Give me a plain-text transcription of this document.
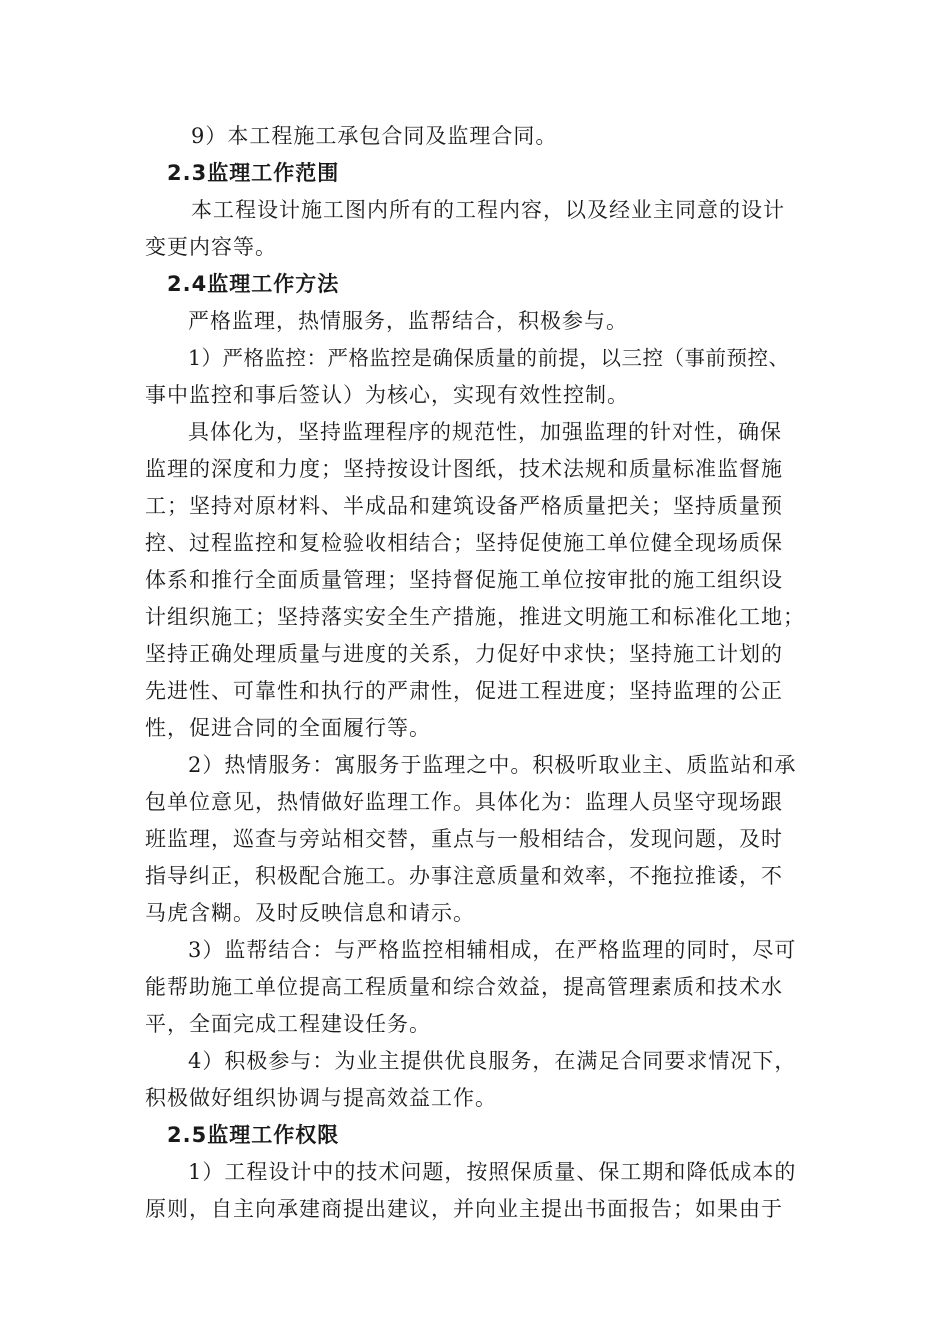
9）本工程施工承包合同及监理合同。
2.3监理工作范围
本工程设计施工图内所有的工程内容，以及经业主同意的设计
变更内容等。
2.4监理工作方法
严格监理，热情服务，监帮结合，积极参与。
1）严格监控：严格监控是确保质量的前提，以三控（事前预控、
事中监控和事后签认）为核心，实现有效性控制。
具体化为，坚持监理程序的规范性，加强监理的针对性，确保
监理的深度和力度；坚持按设计图纸，技术法规和质量标准监督施
工；坚持对原材料、半成品和建筑设备严格质量把关；坚持质量预
控、过程监控和复检验收相结合；坚持促使施工单位健全现场质保
体系和推行全面质量管理；坚持督促施工单位按审批的施工组织设
计组织施工；坚持落实安全生产措施，推进文明施工和标准化工地；
坚持正确处理质量与进度的关系，力促好中求快；坚持施工计划的
先进性、可靠性和执行的严肃性，促进工程进度；坚持监理的公正
性，促进合同的全面履行等。
2）热情服务：寓服务于监理之中。积极听取业主、质监站和承
包单位意见，热情做好监理工作。具体化为：监理人员坚守现场跟
班监理，巡查与旁站相交替，重点与一般相结合，发现问题，及时
指导纠正，积极配合施工。办事注意质量和效率，不拖拉推诿，不
马虎含糊。及时反映信息和请示。
3）监帮结合：与严格监控相辅相成，在严格监理的同时，尽可
能帮助施工单位提高工程质量和综合效益，提高管理素质和技术水
平，全面完成工程建设任务。
4）积极参与：为业主提供优良服务，在满足合同要求情况下，
积极做好组织协调与提高效益工作。
2.5监理工作权限
1）工程设计中的技术问题，按照保质量、保工期和降低成本的
原则，自主向承建商提出建议，并向业主提出书面报告；如果由于
